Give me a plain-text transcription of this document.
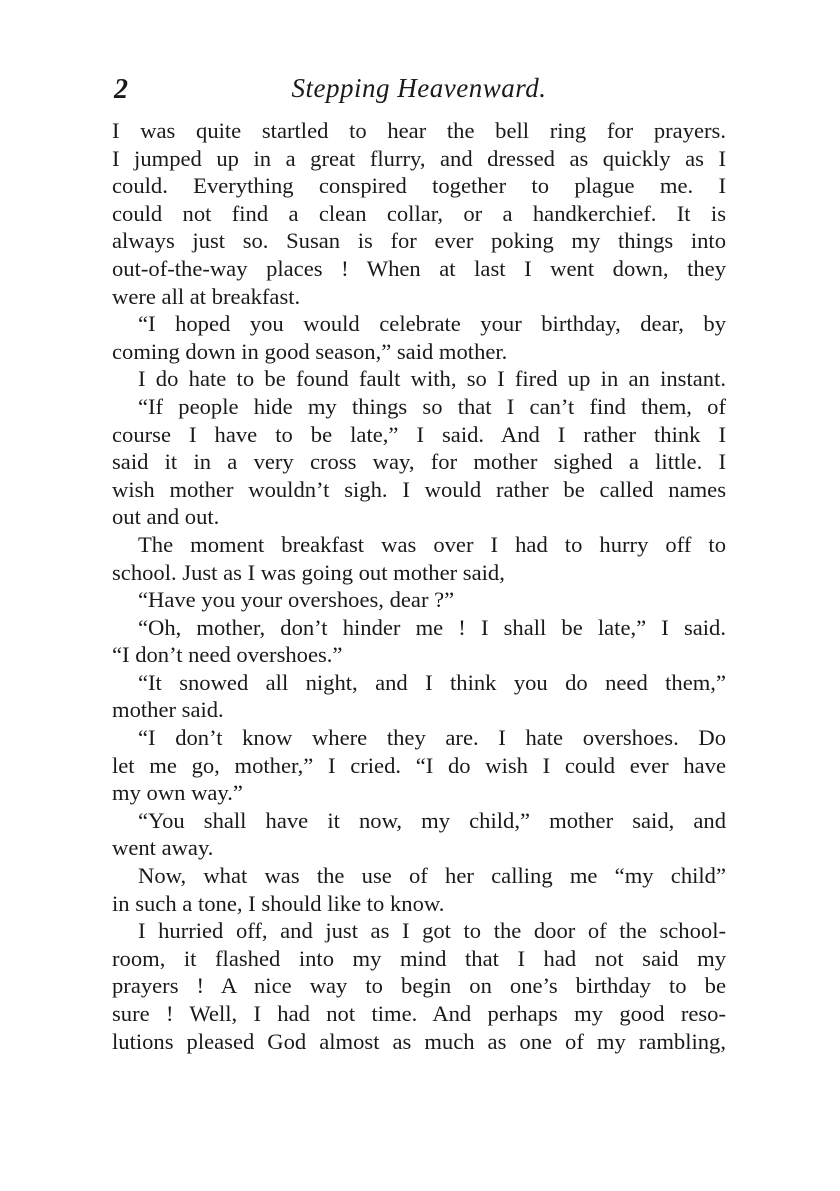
2	Stepping Heavenward.
I was quite startled to hear the bell ring for prayers.
I jumped up in a great flurry, and dressed as quickly as I
could. Everything conspired together to plague me. I
could not find a clean collar, or a handkerchief. It is
always just so. Susan is for ever poking my things into
out-of-the-way places ! When at last I went down, they
were all at breakfast.
“I hoped you would celebrate your birthday, dear, by
coming down in good season,” said mother.
I do hate to be found fault with, so I fired up in an instant.
“If people hide my things so that I can’t find them, of
course I have to be late,” I said. And I rather think I
said it in a very cross way, for mother sighed a little. I
wish mother wouldn’t sigh. I would rather be called names
out and out.
The moment breakfast was over I had to hurry off to
school. Just as I was going out mother said,
“Have you your overshoes, dear ?”
“Oh, mother, don’t hinder me ! I shall be late,” I said.
“I don’t need overshoes.”
“It snowed all night, and I think you do need them,”
mother said.
“I don’t know where they are. I hate overshoes. Do
let me go, mother,” I cried. “I do wish I could ever have
my own way.”
“You shall have it now, my child,” mother said, and
went away.
Now, what was the use of her calling me “my child”
in such a tone, I should like to know.
I hurried off, and just as I got to the door of the school-
room, it flashed into my mind that I had not said my
prayers ! A nice way to begin on one’s birthday to be
sure ! Well, I had not time. And perhaps my good reso-
lutions pleased God almost as much as one of my rambling,
